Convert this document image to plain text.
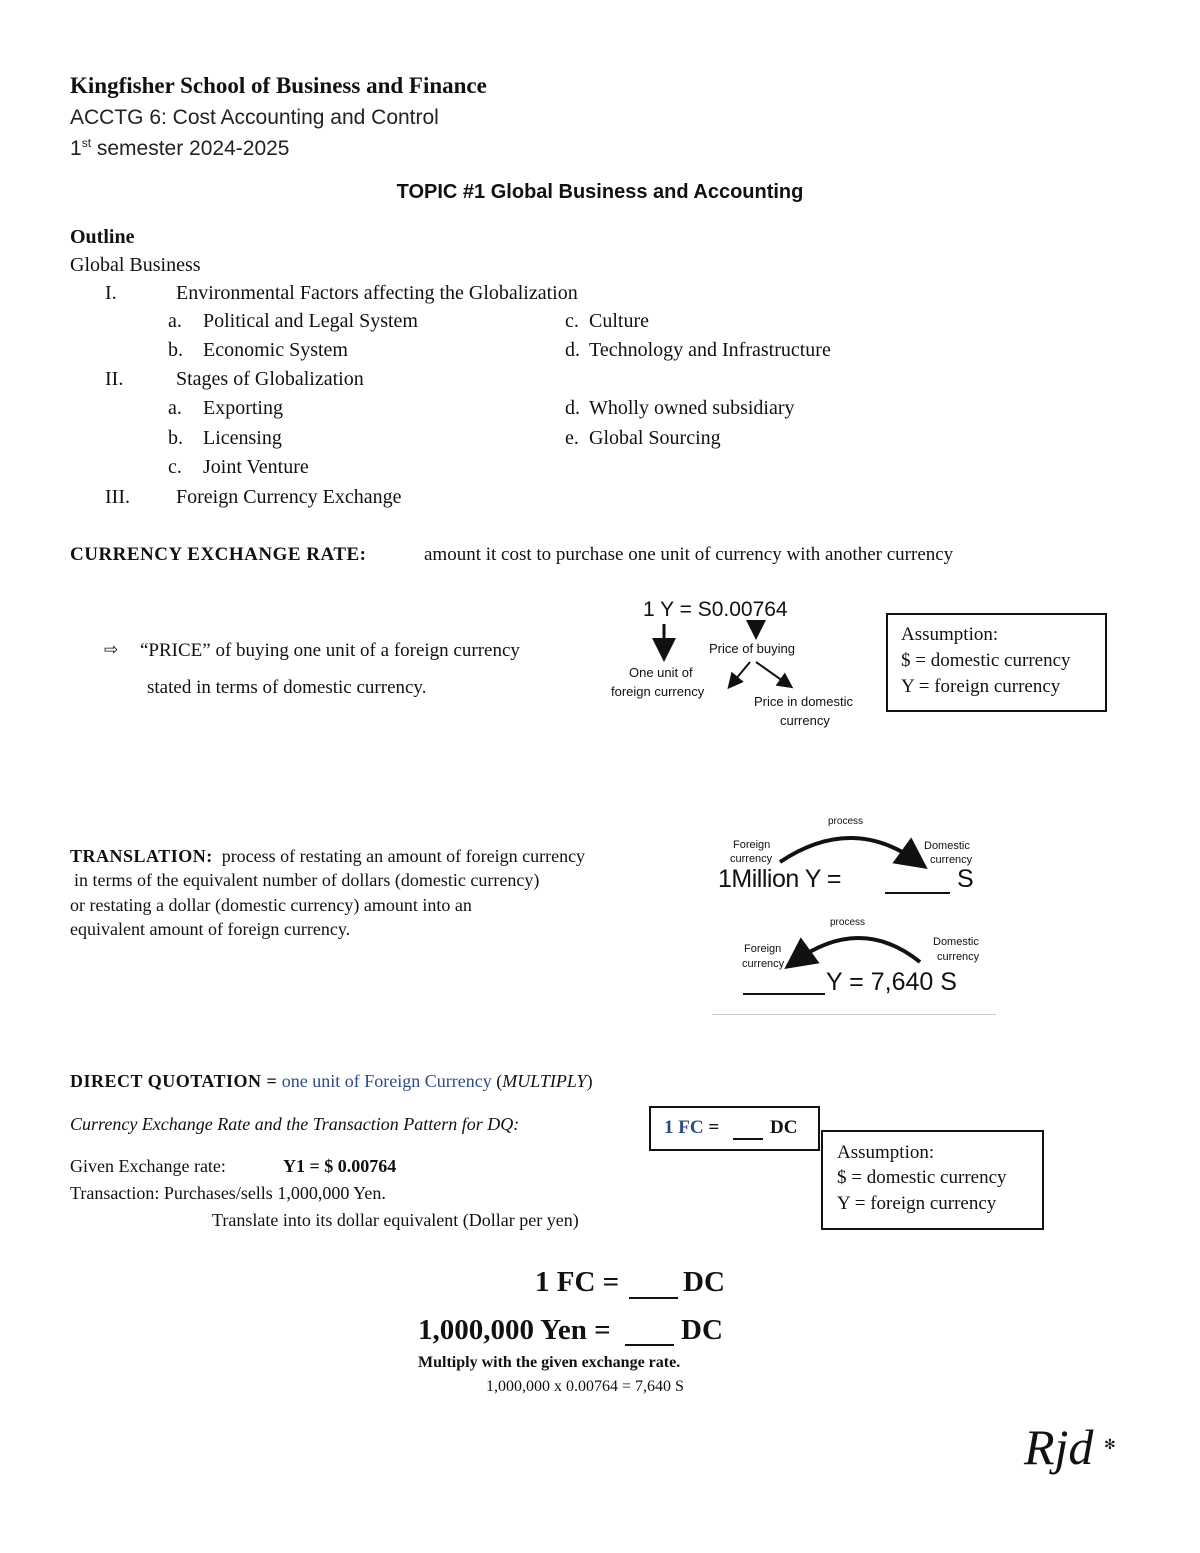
Kingfisher School of Business and Finance
ACCTG 6: Cost Accounting and Control
1st semester 2024-2025
TOPIC #1 Global Business and Accounting
Outline
Global Business
I.	Environmental Factors affecting the Globalization
a. Political and Legal System	c. Culture
b. Economic System	d. Technology and Infrastructure
II.	Stages of Globalization
a. Exporting	d. Wholly owned subsidiary
b. Licensing	e. Global Sourcing
c. Joint Venture
III. Foreign Currency Exchange
CURRENCY EXCHANGE RATE:	amount it cost to purchase one unit of currency with another currency
⇨ “PRICE” of buying one unit of a foreign currency
stated in terms of domestic currency.
1 Y = S0.00764
Price of buying
One unit of
foreign currency
Price in domestic
currency
Assumption:
$ = domestic currency
Y = foreign currency
TRANSLATION: process of restating an amount of foreign currency
in terms of the equivalent number of dollars (domestic currency)
or restating a dollar (domestic currency) amount into an
equivalent amount of foreign currency.
process
Foreign
currency
Domestic
currency
1Million Y =	S
process
Foreign
currency
Domestic
currency
Y = 7,640 S
DIRECT QUOTATION = one unit of Foreign Currency (MULTIPLY)
Currency Exchange Rate and the Transaction Pattern for DQ:	1 FC =	DC
Assumption:
$ = domestic currency
Y = foreign currency
Given Exchange rate:	Y1 = $ 0.00764
Transaction: Purchases/sells 1,000,000 Yen.
Translate into its dollar equivalent (Dollar per yen)
1 FC = DC
1,000,000 Yen = DC
Multiply with the given exchange rate.
1,000,000 x 0.00764 = 7,640 S
Rjd ✻
